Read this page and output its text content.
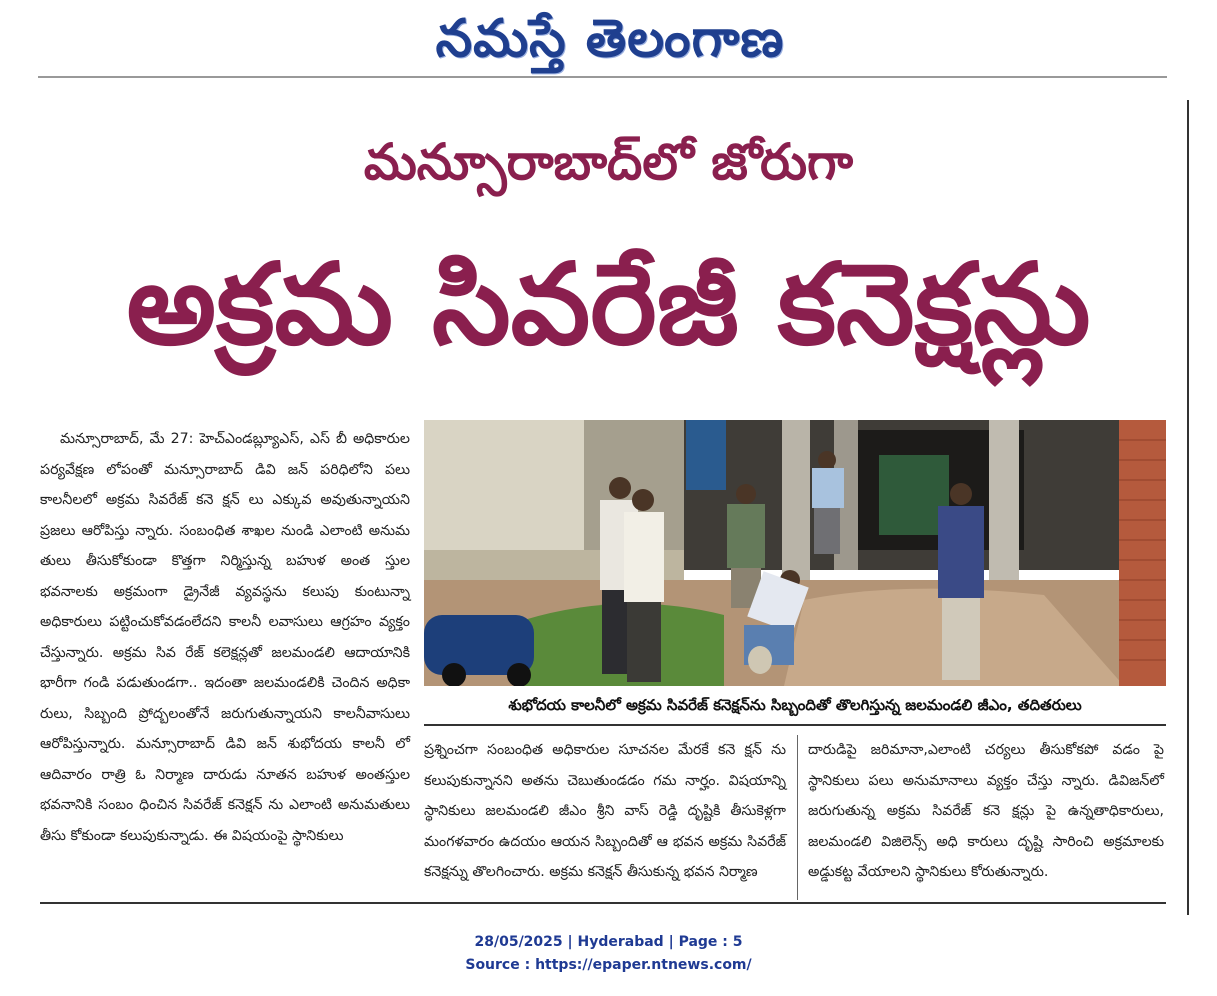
నమస్తే తెలంగాణ
మన్సూరాబాద్‌లో జోరుగా
అక్రమ సివరేజీ కనెక్షన్లు

మన్సూరాబాద్, మే 27: హెచ్‌ఎండబ్ల్యూఎస్, ఎస్ బీ అధికారుల పర్యవేక్షణ లోపంతో మన్సూరాబాద్ డివి జన్ పరిధిలోని పలు కాలనీలలో అక్రమ సివరేజ్ కనె క్షన్ లు ఎక్కువ అవుతున్నాయని ప్రజలు ఆరోపిస్తు న్నారు. సంబంధిత శాఖల నుండి ఎలాంటి అనుమ తులు తీసుకోకుండా కొత్తగా నిర్మిస్తున్న బహుళ అంత స్తుల భవనాలకు అక్రమంగా డ్రైనేజీ వ్యవస్థను కలుపు కుంటున్నా అధికారులు పట్టించుకోవడంలేదని కాలనీ లవాసులు ఆగ్రహం వ్యక్తం చేస్తున్నారు. అక్రమ సివ రేజ్ కలెక్షన్లతో జలమండలి ఆదాయానికి భారీగా గండి పడుతుండగా.. ఇదంతా జలమండలికి చెందిన అధికా రులు, సిబ్బంది ప్రోద్బలంతోనే జరుగుతున్నాయని కాలనీవాసులు ఆరోపిస్తున్నారు. మన్సూరాబాద్ డివి జన్ శుభోదయ కాలనీ లో ఆదివారం రాత్రి ఓ నిర్మాణ దారుడు నూతన బహుళ అంతస్తుల భవనానికి సంబం ధించిన సివరేజ్ కనెక్షన్ ను ఎలాంటి అనుమతులు తీసు కోకుండా కలుపుకున్నాడు. ఈ విషయంపై స్థానికులు

శుభోదయ కాలనీలో అక్రమ సివరేజ్ కనెక్షన్‌ను సిబ్బందితో తొలగిస్తున్న జలమండలి జీఎం, తదితరులు

ప్రశ్నించగా సంబంధిత అధికారుల సూచనల మేరకే కనె క్షన్ ను కలుపుకున్నానని అతను చెబుతుండడం గమ నార్హం. విషయాన్ని స్థానికులు జలమండలి జీఎం శ్రీని వాస్ రెడ్డి దృష్టికి తీసుకెళ్లగా మంగళవారం ఉదయం ఆయన సిబ్బందితో ఆ భవన అక్రమ సివరేజ్ కనెక్షన్ను తొలగించారు. అక్రమ కనెక్షన్ తీసుకున్న భవన నిర్మాణ

దారుడిపై జరిమానా,ఎలాంటి చర్యలు తీసుకోకపో వడం పై స్థానికులు పలు అనుమానాలు వ్యక్తం చేస్తు న్నారు. డివిజన్‌లో జరుగుతున్న అక్రమ సివరేజ్ కనె క్షన్లు పై ఉన్నతాధికారులు, జలమండలి విజిలెన్స్ అధి కారులు దృష్టి సారించి అక్రమాలకు అడ్డుకట్ట వేయాలని స్థానికులు కోరుతున్నారు.

28/05/2025 | Hyderabad | Page : 5
Source : https://epaper.ntnews.com/
